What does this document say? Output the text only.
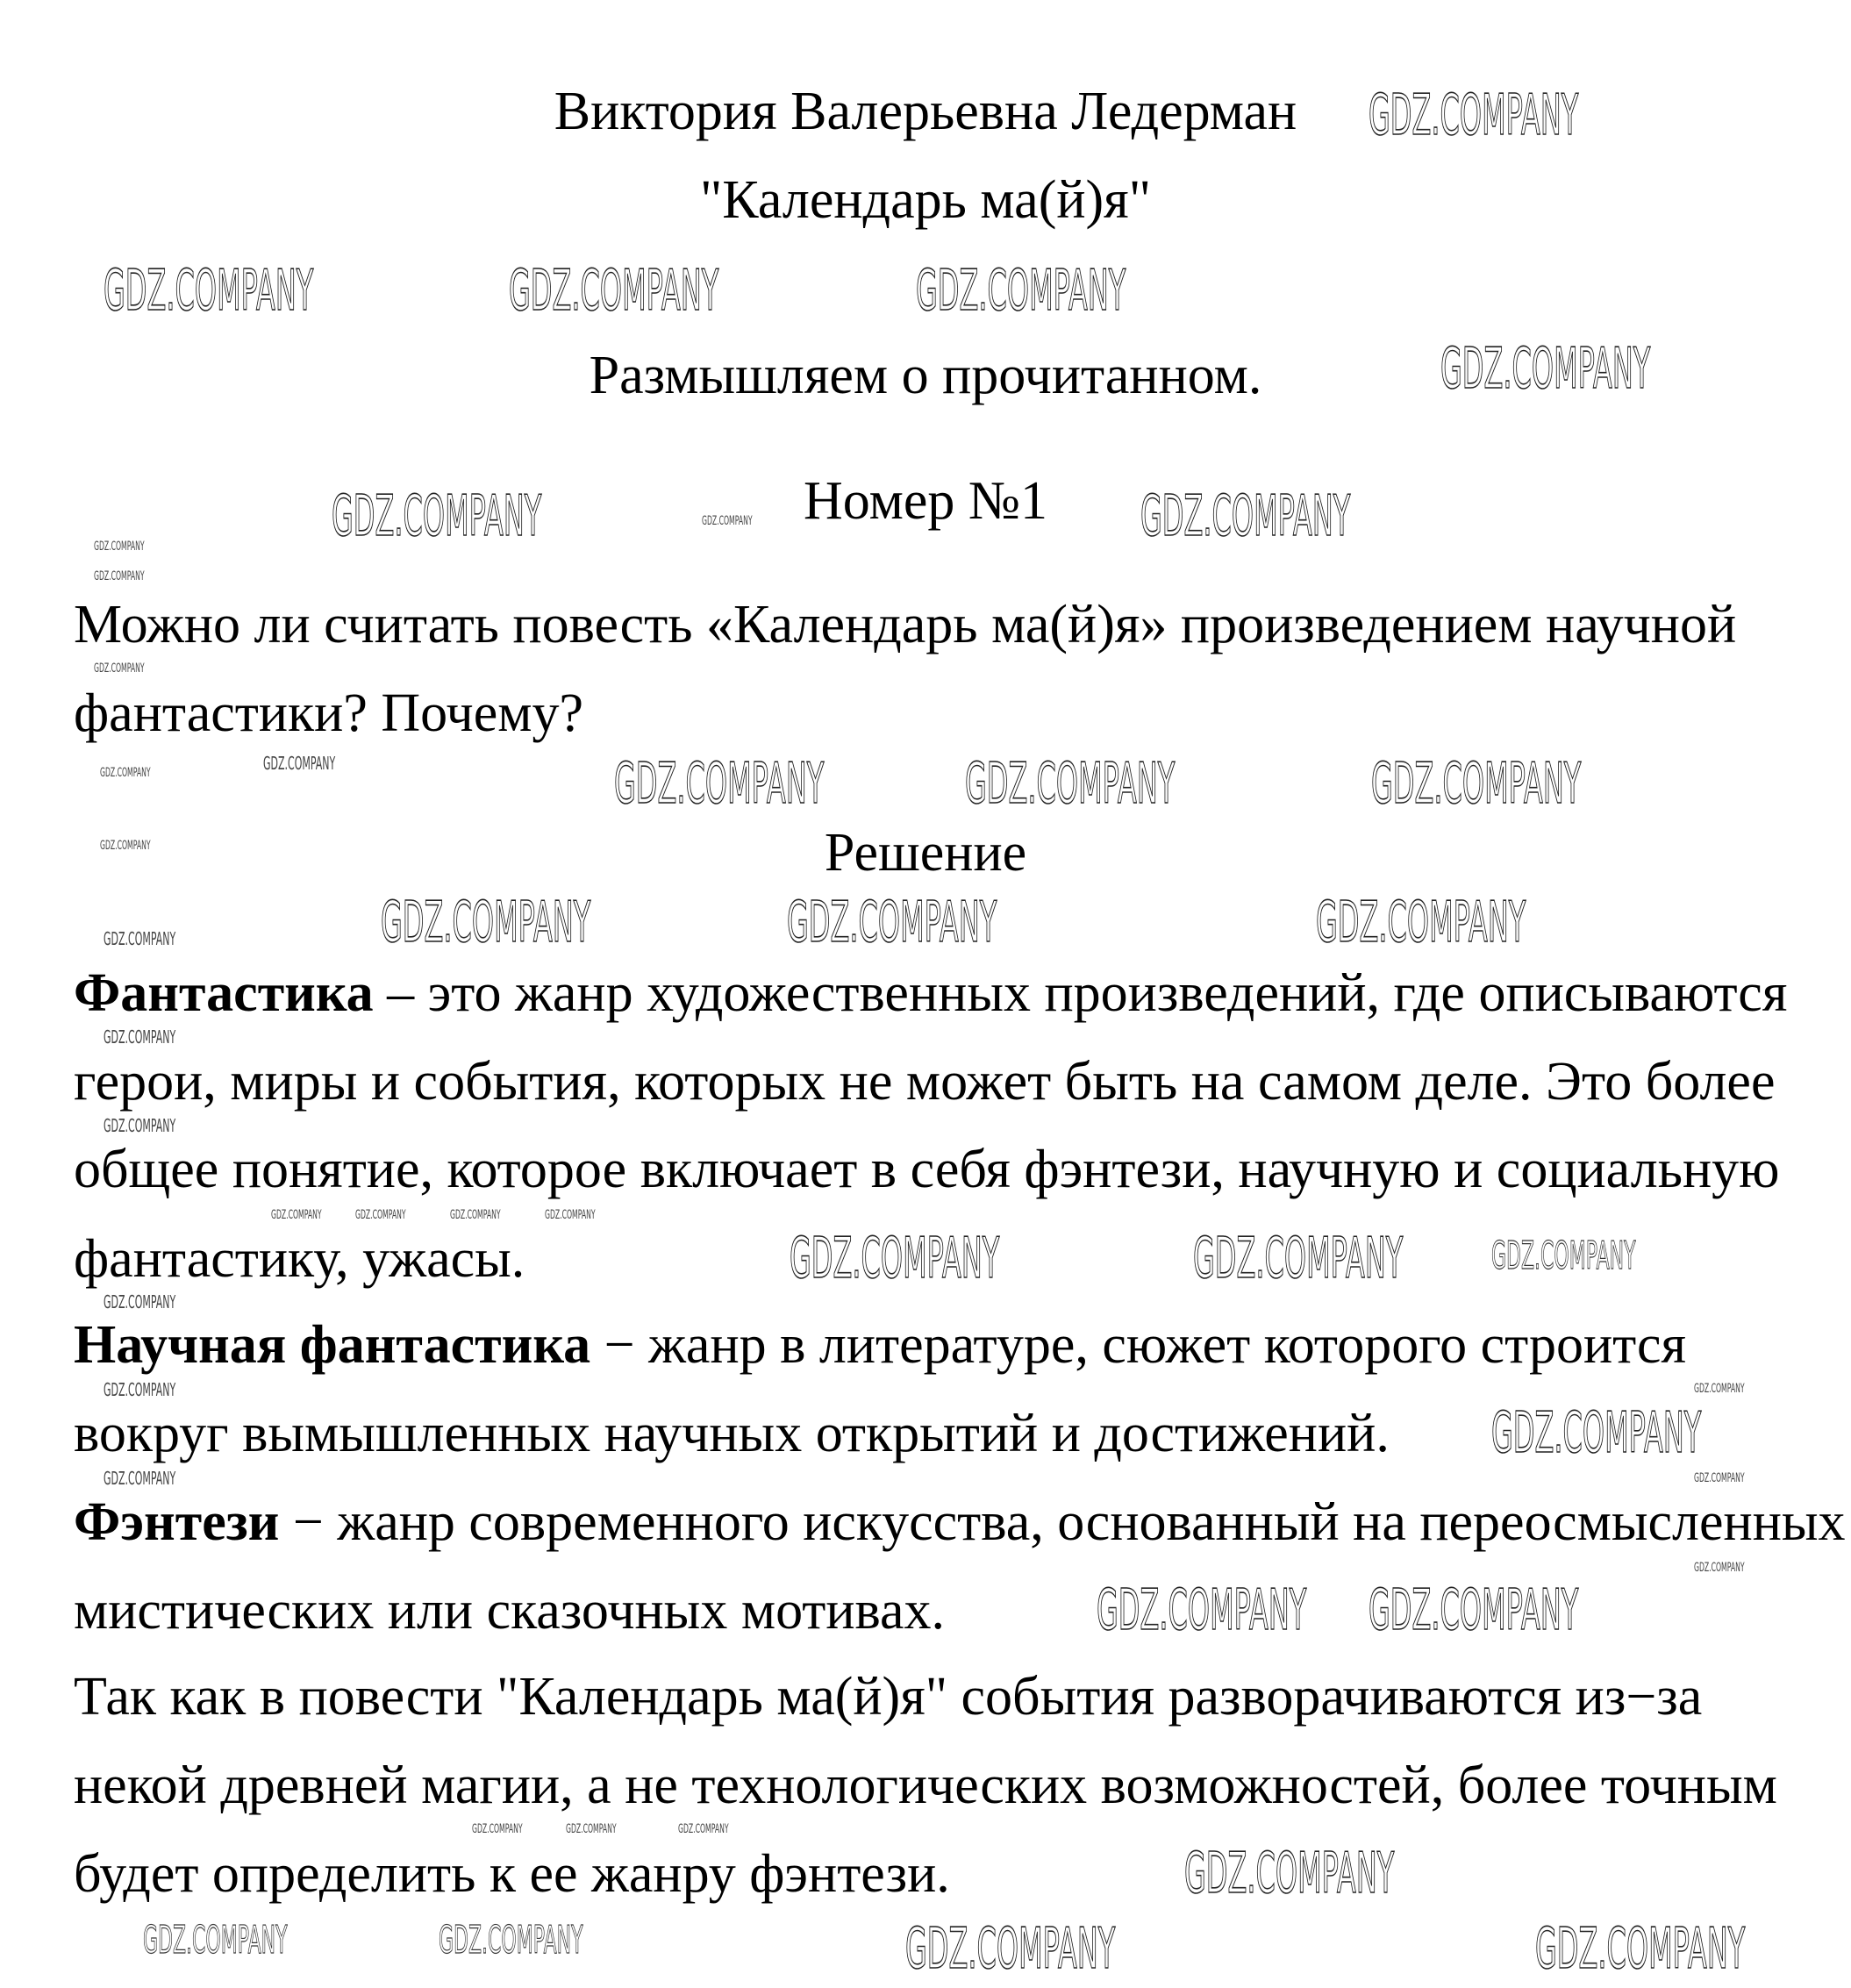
Виктория Валерьевна Ледерман
"Календарь ма(й)я"
Размышляем о прочитанном.
Номер №1
Можно ли считать повесть «Календарь ма(й)я» произведением научной
фантастики? Почему?
Решение
Фантастика – это жанр художественных произведений, где описываются
герои, миры и события, которых не может быть на самом деле. Это более
общее понятие, которое включает в себя фэнтези, научную и социальную
фантастику, ужасы.
Научная фантастика − жанр в литературе, сюжет которого строится
вокруг вымышленных научных открытий и достижений.
Фэнтези − жанр современного искусства, основанный на переосмысленных
мистических или сказочных мотивах.
Так как в повести "Календарь ма(й)я" события разворачиваются из−за
некой древней магии, а не технологических возможностей, более точным
будет определить к ее жанру фэнтези.
GDZ.COMPANY
GDZ.COMPANY	GDZ.COMPANY	GDZ.COMPANY
GDZ.COMPANY
GDZ.COMPANY	GDZ.COMPANY
GDZ.COMPANY	GDZ.COMPANY	GDZ.COMPANY
GDZ.COMPANY	GDZ.COMPANY	GDZ.COMPANY
GDZ.COMPANY	GDZ.COMPANY
GDZ.COMPANY
GDZ.COMPANY GDZ.COMPANY
GDZ.COMPANY
GDZ.COMPANY	GDZ.COMPANY
GDZ.COMPANY
GDZ.COMPANY	GDZ.COMPANY
GDZ.COMPANY
GDZ.COMPANY
GDZ.COMPANY
GDZ.COMPANY
GDZ.COMPANY
GDZ.COMPANY
GDZ.COMPANY
GDZ.COMPANY
GDZ.COMPANY
GDZ.COMPANY
GDZ.COMPANY
GDZ.COMPANY
GDZ.COMPANY
GDZ.COMPANY
GDZ.COMPANY
GDZ.COMPANY
GDZ.COMPANY	GDZ.COMPANY	GDZ.COMPANY	GDZ.COMPANY
GDZ.COMPANY	GDZ.COMPANY	GDZ.COMPANY
